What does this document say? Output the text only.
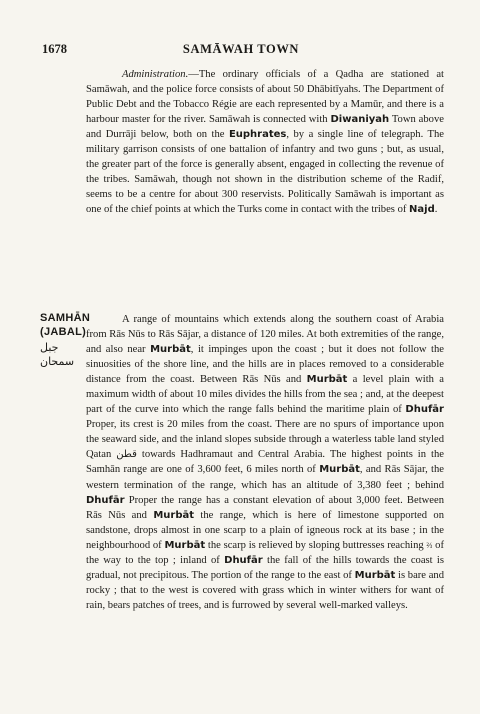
1678	SAMĀWAH TOWN

Administration.—The ordinary officials of a Qadha are stationed at Samāwah, and the police force consists of about 50 Dhābitīyahs. The Department of Public Debt and the Tobacco Régie are each represented by a Mamūr, and there is a harbour master for the river. Samāwah is connected with Diwaniyah Town above and Durrāji below, both on the Euphrates, by a single line of telegraph. The military garrison consists of one battalion of infantry and two guns ; but, as usual, the greater part of the force is generally absent, engaged in collecting the revenue of the tribes. Samāwah, though not shown in the distribution scheme of the Radif, seems to be a centre for about 300 reservists. Politically Samāwah is important as one of the chief points at which the Turks come in contact with the tribes of Najd.

SAMHĀN
(JABAL)
جبل سمحان

A range of mountains which extends along the southern coast of Arabia from Rās Nūs to Rās Sājar, a distance of 120 miles. At both extremities of the range, and also near Murbāt, it impinges upon the coast ; but it does not follow the sinuosities of the shore line, and the hills are in places removed to a considerable distance from the coast. Between Rās Nūs and Murbāt a level plain with a maximum width of about 10 miles divides the hills from the sea ; and, at the deepest part of the curve into which the range falls behind the maritime plain of Dhufār Proper, its crest is 20 miles from the coast. There are no spurs of importance upon the seaward side, and the inland slopes subside through a waterless table land styled Qatan قطن towards Hadhramaut and Central Arabia. The highest points in the Samhān range are one of 3,600 feet, 6 miles north of Murbāt, and Rās Sājar, the western termination of the range, which has an altitude of 3,380 feet ; behind Dhufār Proper the range has a constant elevation of about 3,000 feet. Between Rās Nūs and Murbāt the range, which is here of limestone supported on sandstone, drops almost in one scarp to a plain of igneous rock at its base ; in the neighbourhood of Murbāt the scarp is relieved by sloping buttresses reaching ⅔ of the way to the top ; inland of Dhufār the fall of the hills towards the coast is gradual, not precipitous. The portion of the range to the east of Murbāt is bare and rocky ; that to the west is covered with grass which in winter withers for want of rain, bears patches of trees, and is furrowed by several well-marked valleys.
